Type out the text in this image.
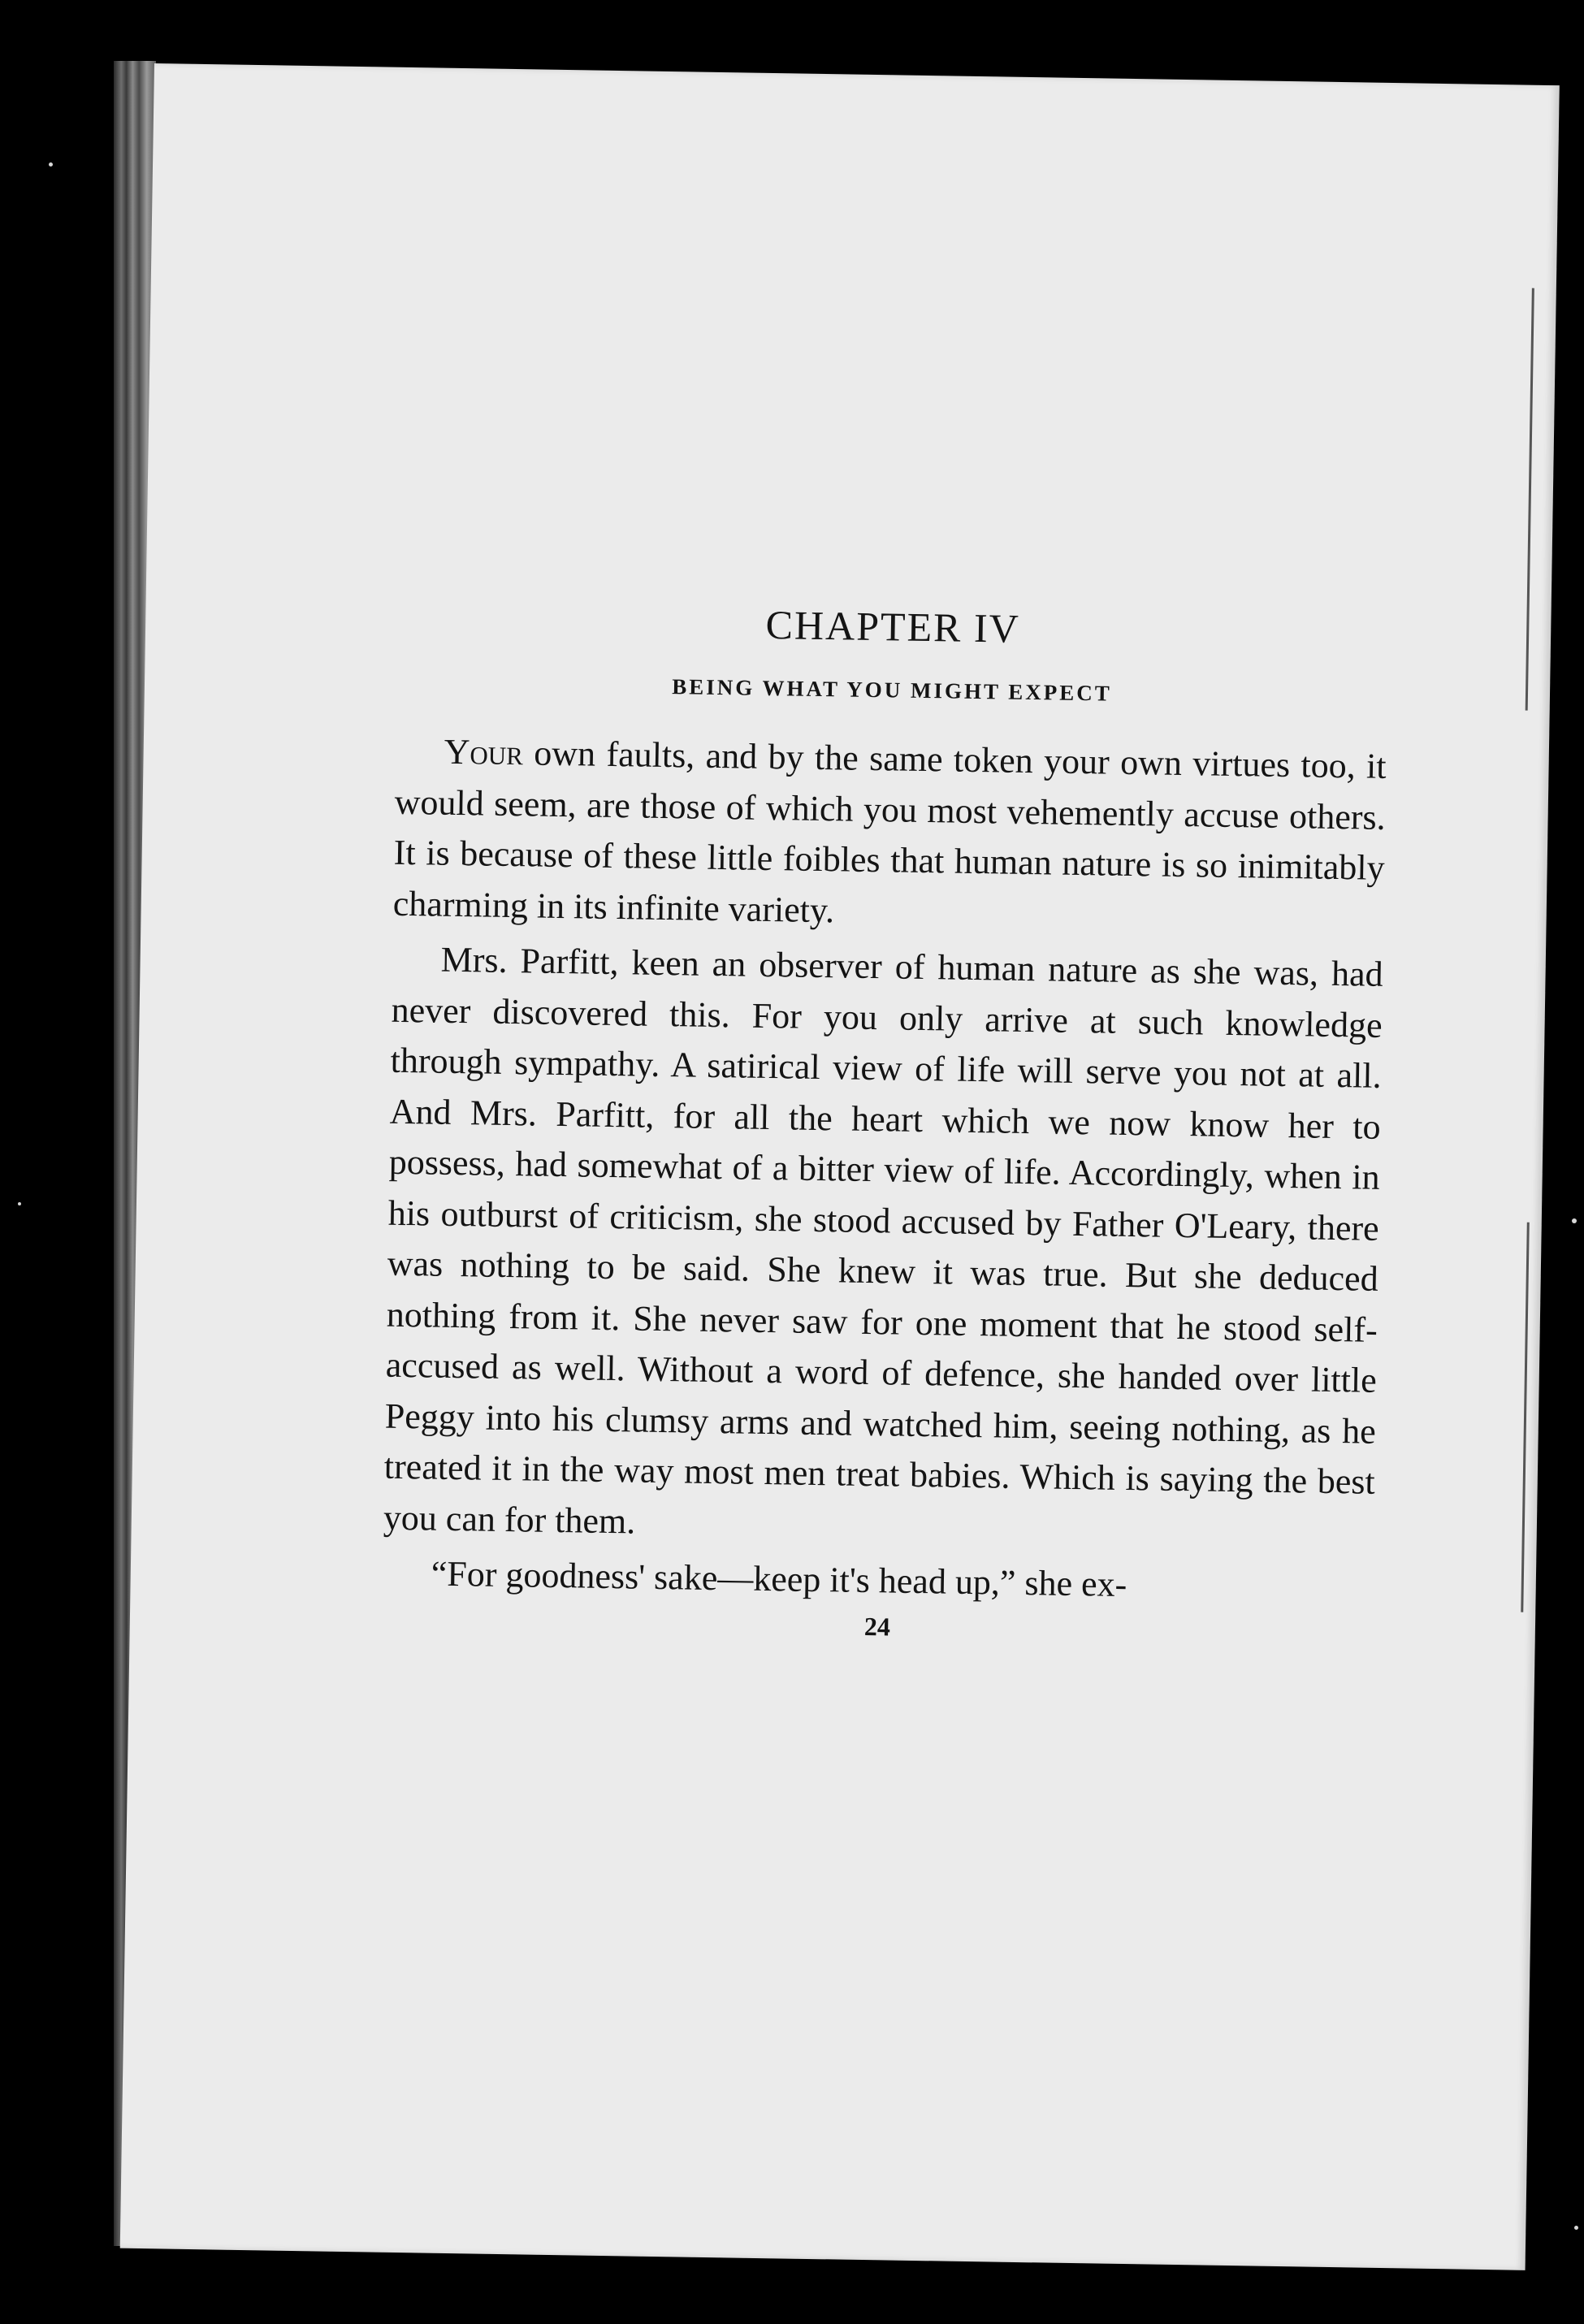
CHAPTER IV
BEING WHAT YOU MIGHT EXPECT

Your own faults, and by the same token your own virtues too, it would seem, are those of which you most vehemently accuse others. It is because of these little foibles that human nature is so inimitably charming in its infinite variety.

Mrs. Parfitt, keen an observer of human nature as she was, had never discovered this. For you only arrive at such knowledge through sympathy. A satirical view of life will serve you not at all. And Mrs. Parfitt, for all the heart which we now know her to possess, had somewhat of a bitter view of life. Accordingly, when in his outburst of criticism, she stood accused by Father O'Leary, there was nothing to be said. She knew it was true. But she deduced nothing from it. She never saw for one moment that he stood self-accused as well. Without a word of defence, she handed over little Peggy into his clumsy arms and watched him, seeing nothing, as he treated it in the way most men treat babies. Which is saying the best you can for them.

“For goodness' sake—keep it's head up,” she ex-

24
